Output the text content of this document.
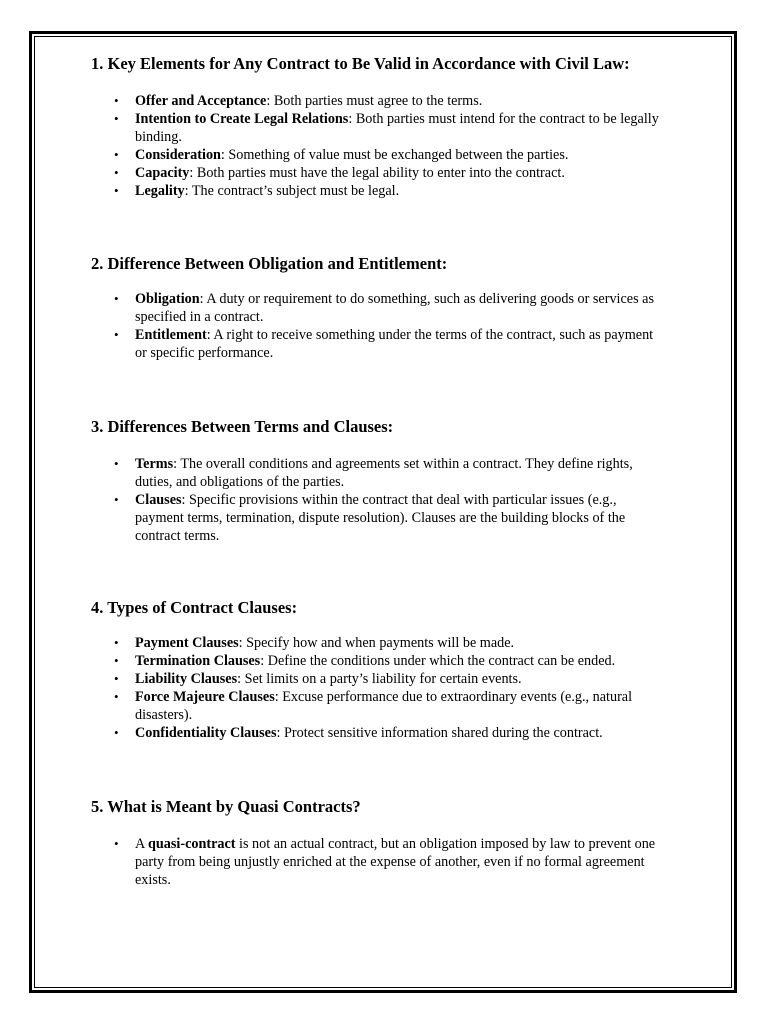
1. Key Elements for Any Contract to Be Valid in Accordance with Civil Law:
• Offer and Acceptance: Both parties must agree to the terms.
• Intention to Create Legal Relations: Both parties must intend for the contract to be legally binding.
• Consideration: Something of value must be exchanged between the parties.
• Capacity: Both parties must have the legal ability to enter into the contract.
• Legality: The contract’s subject must be legal.
2. Difference Between Obligation and Entitlement:
• Obligation: A duty or requirement to do something, such as delivering goods or services as specified in a contract.
• Entitlement: A right to receive something under the terms of the contract, such as payment or specific performance.
3. Differences Between Terms and Clauses:
• Terms: The overall conditions and agreements set within a contract. They define rights, duties, and obligations of the parties.
• Clauses: Specific provisions within the contract that deal with particular issues (e.g., payment terms, termination, dispute resolution). Clauses are the building blocks of the contract terms.
4. Types of Contract Clauses:
• Payment Clauses: Specify how and when payments will be made.
• Termination Clauses: Define the conditions under which the contract can be ended.
• Liability Clauses: Set limits on a party’s liability for certain events.
• Force Majeure Clauses: Excuse performance due to extraordinary events (e.g., natural disasters).
• Confidentiality Clauses: Protect sensitive information shared during the contract.
5. What is Meant by Quasi Contracts?
• A quasi-contract is not an actual contract, but an obligation imposed by law to prevent one party from being unjustly enriched at the expense of another, even if no formal agreement exists.
